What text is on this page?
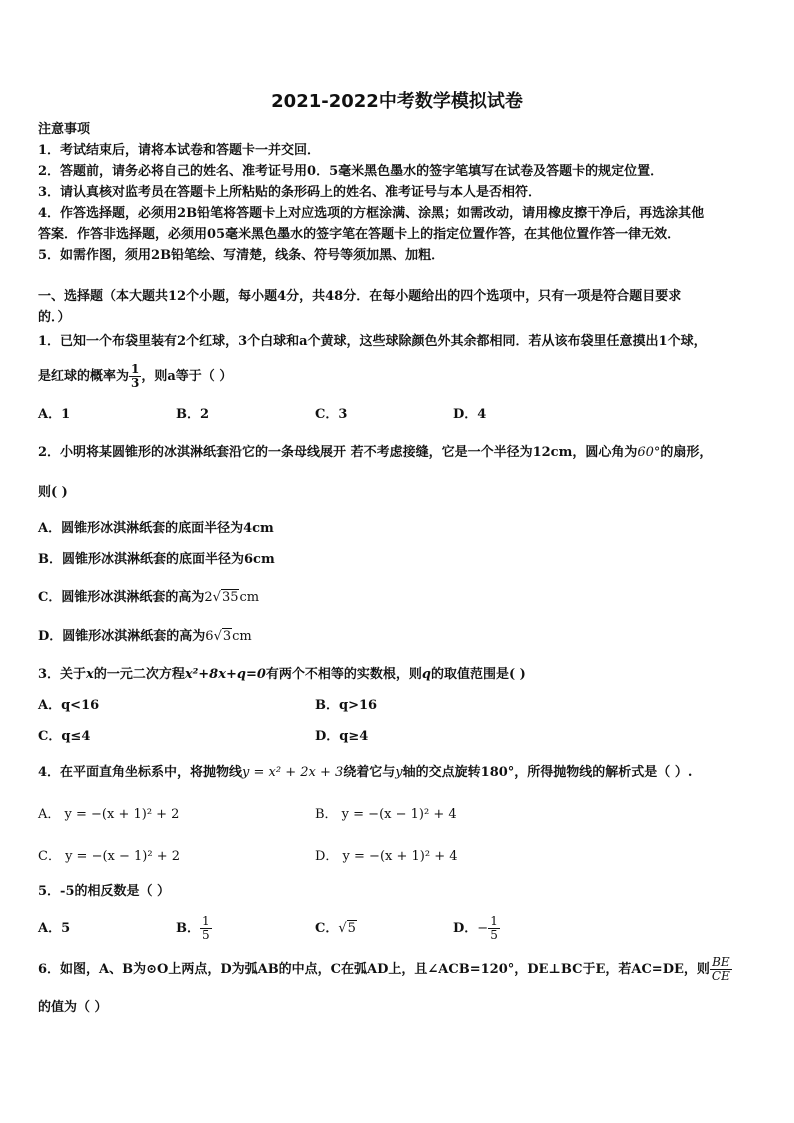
2021-2022中考数学模拟试卷
注意事项
1．考试结束后，请将本试卷和答题卡一并交回．
2．答题前，请务必将自己的姓名、准考证号用0．5毫米黑色墨水的签字笔填写在试卷及答题卡的规定位置．
3．请认真核对监考员在答题卡上所粘贴的条形码上的姓名、准考证号与本人是否相符．
4．作答选择题，必须用2B铅笔将答题卡上对应选项的方框涂满、涂黑；如需改动，请用橡皮擦干净后，再选涂其他
答案．作答非选择题，必须用05毫米黑色墨水的签字笔在答题卡上的指定位置作答，在其他位置作答一律无效．
5．如需作图，须用2B铅笔绘、写清楚，线条、符号等须加黑、加粗．
一、选择题（本大题共12个小题，每小题4分，共48分．在每小题给出的四个选项中，只有一项是符合题目要求
的．）
1．已知一个布袋里装有2个红球，3个白球和a个黄球，这些球除颜色外其余都相同．若从该布袋里任意摸出1个球，
是红球的概率为 $\frac{1}{3}$ ，则a等于（ ）
A．1	B．2	C．3	D．4
2．小明将某圆锥形的冰淇淋纸套沿它的一条母线展开 若不考虑接缝，它是一个半径为12cm，圆心角为60°的扇形，
则( )
A．圆锥形冰淇淋纸套的底面半径为4cm
B．圆锥形冰淇淋纸套的底面半径为6cm
C．圆锥形冰淇淋纸套的高为2√35cm
D．圆锥形冰淇淋纸套的高为6√3cm
3．关于x的一元二次方程x²+8x+q=0有两个不相等的实数根，则q的取值范围是( )
A．q<16	B．q>16
C．q≤4	D．q≥4
4．在平面直角坐标系中，将抛物线y = x² + 2x + 3绕着它与y轴的交点旋转180°，所得抛物线的解析式是（ ）.
A． y = −(x + 1)² + 2	B． y = −(x − 1)² + 4
C． y = −(x − 1)² + 2	D． y = −(x + 1)² + 4
5．-5的相反数是（ ）
A．5	B． $\frac{1}{5}$	C．√5	D．− $\frac{1}{5}$
6．如图，A、B为⊙O上两点，D为弧AB的中点，C在弧AD上，且∠ACB=120°，DE⊥BC于E，若AC=DE，则 $\frac{BE}{CE}$
的值为（ ）
